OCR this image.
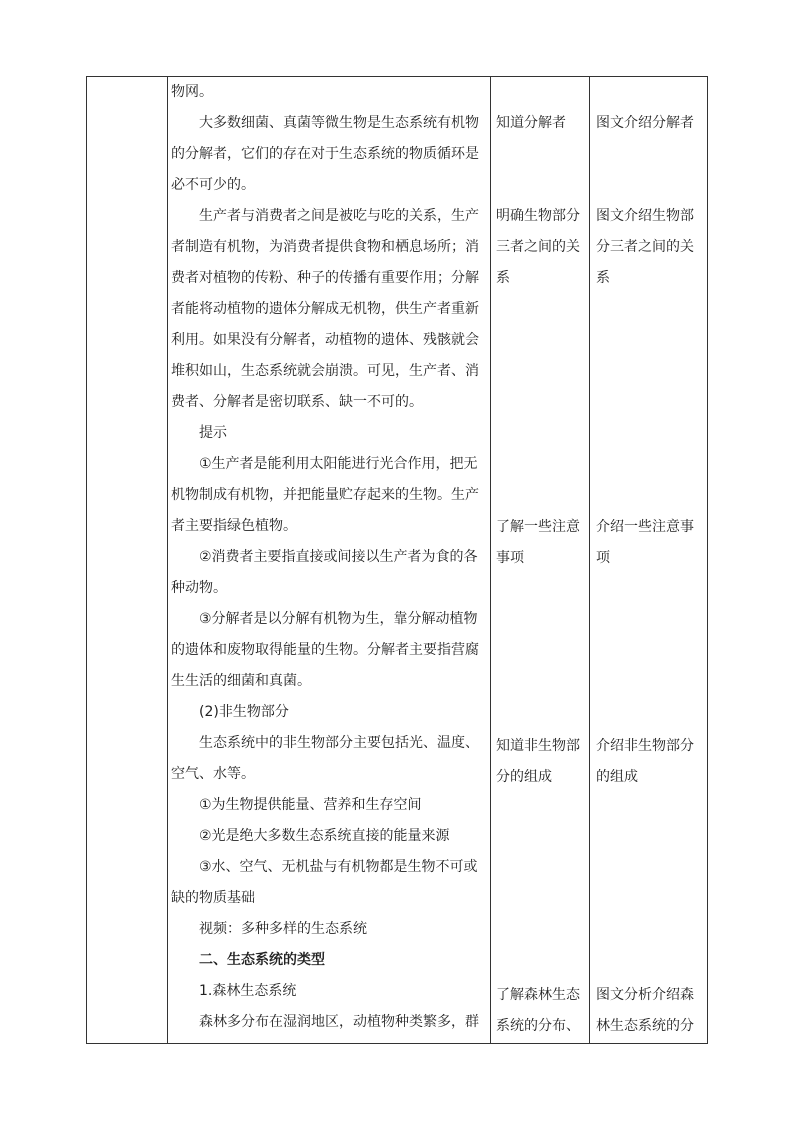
物网。

大多数细菌、真菌等微生物是生态系统有机物的分解者，它们的存在对于生态系统的物质循环是必不可少的。

生产者与消费者之间是被吃与吃的关系，生产者制造有机物，为消费者提供食物和栖息场所；消费者对植物的传粉、种子的传播有重要作用；分解者能将动植物的遗体分解成无机物，供生产者重新利用。如果没有分解者，动植物的遗体、残骸就会堆积如山，生态系统就会崩溃。可见，生产者、消费者、分解者是密切联系、缺一不可的。

提示

①生产者是能利用太阳能进行光合作用，把无机物制成有机物，并把能量贮存起来的生物。生产者主要指绿色植物。

②消费者主要指直接或间接以生产者为食的各种动物。

③分解者是以分解有机物为生，靠分解动植物的遗体和废物取得能量的生物。分解者主要指营腐生生活的细菌和真菌。

(2)非生物部分

生态系统中的非生物部分主要包括光、温度、空气、水等。

①为生物提供能量、营养和生存空间

②光是绝大多数生态系统直接的能量来源

③水、空气、无机盐与有机物都是生物不可或缺的物质基础

视频：多种多样的生态系统

二、生态系统的类型

1.森林生态系统

森林多分布在湿润地区，动植物种类繁多，群

知道分解者

明确生物部分三者之间的关系

了解一些注意事项

知道非生物部分的组成

了解森林生态系统的分布、

图文介绍分解者

图文介绍生物部分三者之间的关系

介绍一些注意事项

介绍非生物部分的组成

图文分析介绍森林生态系统的分
